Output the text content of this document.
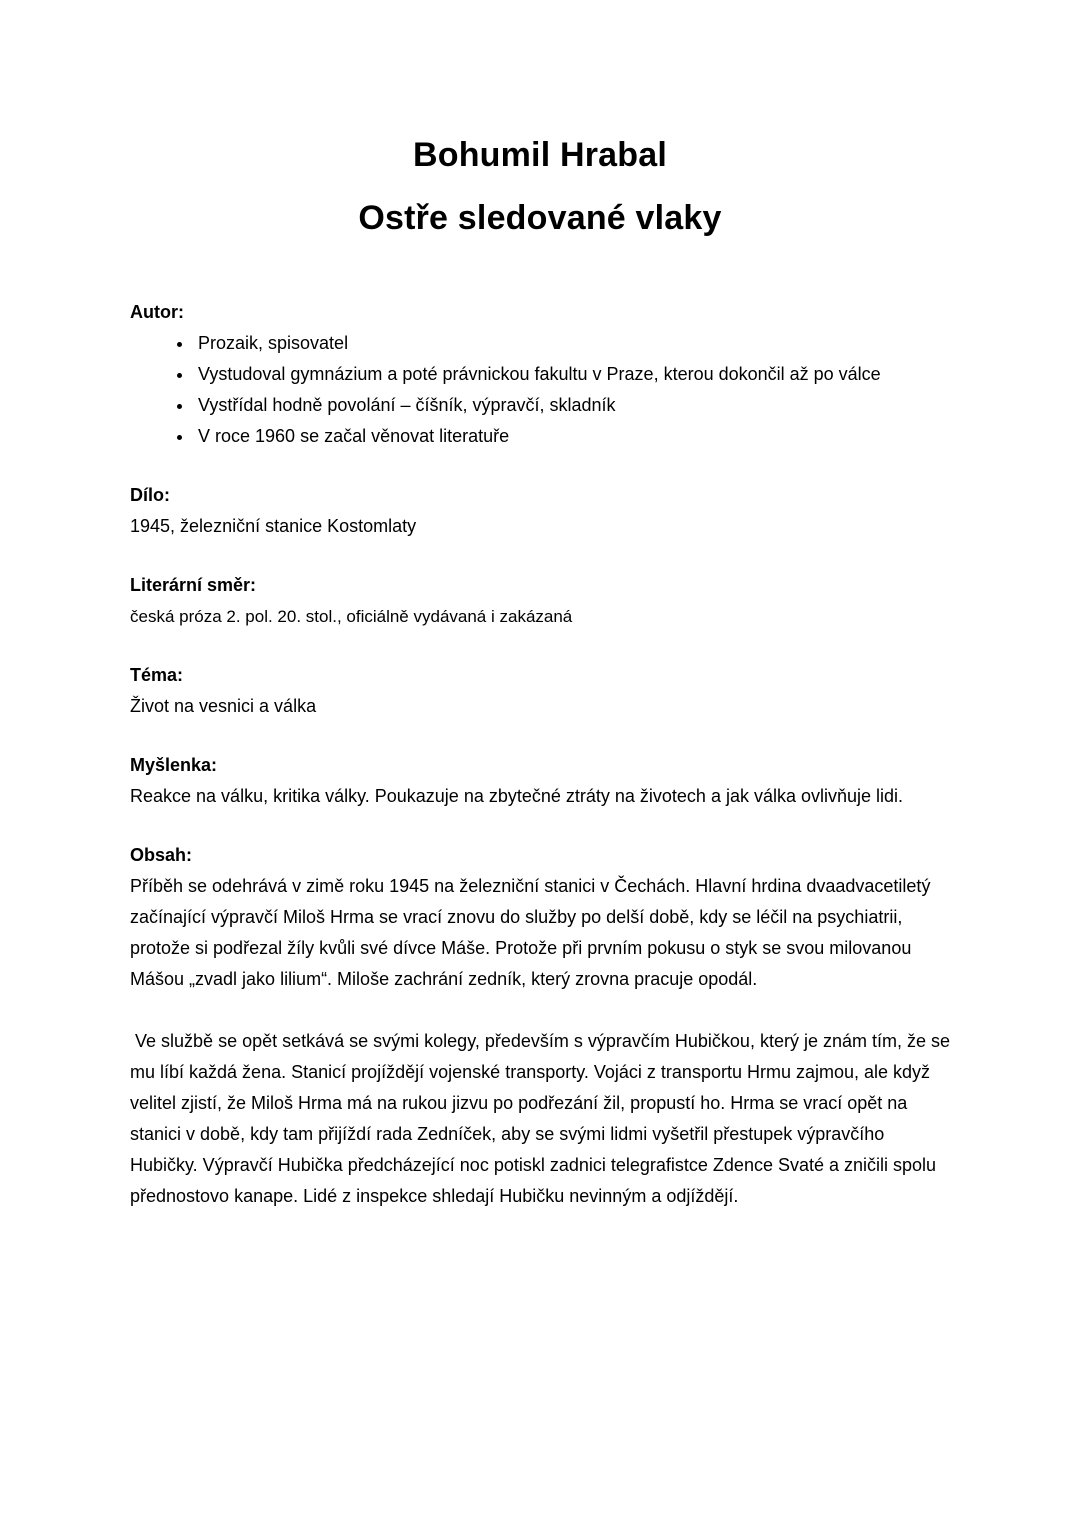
Bohumil Hrabal
Ostře sledované vlaky

Autor:

• Prozaik, spisovatel
• Vystudoval gymnázium a poté právnickou fakultu v Praze, kterou dokončil až po válce
• Vystřídal hodně povolání – číšník, výpravčí, skladník
• V roce 1960 se začal věnovat literatuře

Dílo:

1945, železniční stanice Kostomlaty

Literární směr:

česká próza 2. pol. 20. stol., oficiálně vydávaná i zakázaná

Téma:

Život na vesnici a válka

Myšlenka:

Reakce na válku, kritika války. Poukazuje na zbytečné ztráty na životech a jak válka ovlivňuje lidi.

Obsah:

Příběh se odehrává v zimě roku 1945 na železniční stanici v Čechách. Hlavní hrdina dvaadvacetiletý začínající výpravčí Miloš Hrma se vrací znovu do služby po delší době, kdy se léčil na psychiatrii, protože si podřezal žíly kvůli své dívce Máše. Protože při prvním pokusu o styk se svou milovanou Mášou „zvadl jako lilium“. Miloše zachrání zedník, který zrovna pracuje opodál.

Ve službě se opět setkává se svými kolegy, především s výpravčím Hubičkou, který je znám tím, že se mu líbí každá žena. Stanicí projíždějí vojenské transporty. Vojáci z transportu Hrmu zajmou, ale když velitel zjistí, že Miloš Hrma má na rukou jizvu po podřezání žil, propustí ho. Hrma se vrací opět na stanici v době, kdy tam přijíždí rada Zedníček, aby se svými lidmi vyšetřil přestupek výpravčího Hubičky. Výpravčí Hubička předcházející noc potiskl zadnici telegrafistce Zdence Svaté a zničili spolu přednostovo kanape. Lidé z inspekce shledají Hubičku nevinným a odjíždějí.
